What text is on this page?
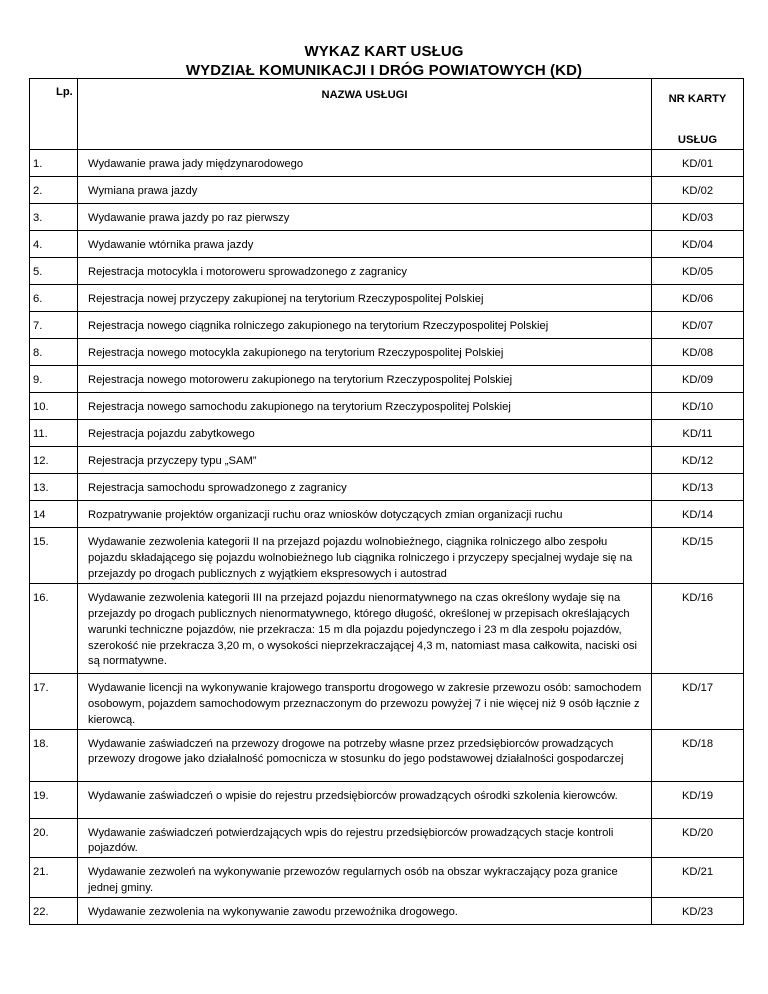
WYKAZ KART USŁUG
WYDZIAŁ KOMUNIKACJI I DRÓG POWIATOWYCH (KD)
Lp.	NAZWA USŁUGI	NR KARTY

USŁUG

1.	Wydawanie prawa jady międzynarodowego	KD/01

2.	Wymiana prawa jazdy	KD/02

3.	Wydawanie prawa jazdy po raz pierwszy	KD/03

4.	Wydawanie wtórnika prawa jazdy	KD/04

5.	Rejestracja motocykla i motoroweru sprowadzonego z zagranicy	KD/05

6.	Rejestracja nowej przyczepy zakupionej na terytorium Rzeczypospolitej Polskiej	KD/06

7.	Rejestracja nowego ciągnika rolniczego zakupionego na terytorium Rzeczypospolitej Polskiej	KD/07

8.	Rejestracja nowego motocykla zakupionego na terytorium Rzeczypospolitej Polskiej	KD/08

9.	Rejestracja nowego motoroweru zakupionego na terytorium Rzeczypospolitej Polskiej	KD/09

10.	Rejestracja nowego samochodu zakupionego na terytorium Rzeczypospolitej Polskiej	KD/10

11.	Rejestracja pojazdu zabytkowego	KD/11

12.	Rejestracja przyczepy typu „SAM”	KD/12

13.	Rejestracja samochodu sprowadzonego z zagranicy	KD/13

14	Rozpatrywanie projektów organizacji ruchu oraz wniosków dotyczących zmian organizacji ruchu	KD/14

15.	Wydawanie zezwolenia kategorii II na przejazd pojazdu wolnobieżnego, ciągnika rolniczego albo zespołu pojazdu składającego się pojazdu wolnobieżnego lub ciągnika rolniczego i przyczepy specjalnej wydaje się na przejazdy po drogach publicznych z wyjątkiem ekspresowych i autostrad	KD/15

16.	Wydawanie zezwolenia kategorii III na przejazd pojazdu nienormatywnego na czas określony wydaje się na przejazdy po drogach publicznych nienormatywnego, którego długość, określonej w przepisach określających warunki techniczne pojazdów, nie przekracza: 15 m dla pojazdu pojedynczego i 23 m dla zespołu pojazdów, szerokość nie przekracza 3,20 m, o wysokości nieprzekraczającej 4,3 m, natomiast masa całkowita, naciski osi są normatywne.	KD/16

17.	Wydawanie licencji na wykonywanie krajowego transportu drogowego w zakresie przewozu osób: samochodem osobowym, pojazdem samochodowym przeznaczonym do przewozu powyżej 7 i nie więcej niż 9 osób łącznie z kierowcą.	KD/17

18.	Wydawanie zaświadczeń na przewozy drogowe na potrzeby własne przez przedsiębiorców prowadzących przewozy drogowe jako działalność pomocnicza w stosunku do jego podstawowej działalności gospodarczej	KD/18

19.	Wydawanie zaświadczeń o wpisie do rejestru przedsiębiorców prowadzących ośrodki szkolenia kierowców.	KD/19

20.	Wydawanie zaświadczeń potwierdzających wpis do rejestru przedsiębiorców prowadzących stacje kontroli pojazdów.	KD/20

21.	Wydawanie zezwoleń na wykonywanie przewozów regularnych osób na obszar wykraczający poza granice jednej gminy.	KD/21

22.	Wydawanie zezwolenia na wykonywanie zawodu przewoźnika drogowego.	KD/23
